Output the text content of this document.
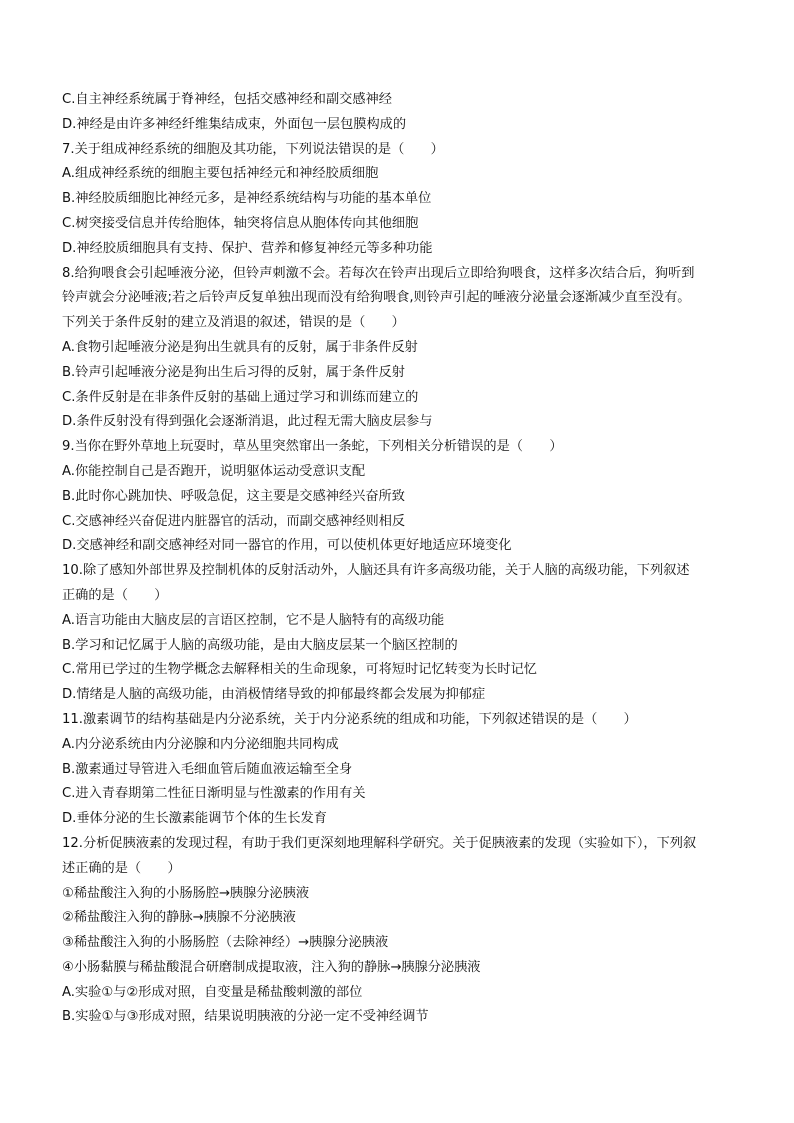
C.自主神经系统属于脊神经，包括交感神经和副交感神经
D.神经是由许多神经纤维集结成束，外面包一层包膜构成的
7.关于组成神经系统的细胞及其功能，下列说法错误的是（　　）
A.组成神经系统的细胞主要包括神经元和神经胶质细胞
B.神经胶质细胞比神经元多，是神经系统结构与功能的基本单位
C.树突接受信息并传给胞体，轴突将信息从胞体传向其他细胞
D.神经胶质细胞具有支持、保护、营养和修复神经元等多种功能
8.给狗喂食会引起唾液分泌，但铃声刺激不会。若每次在铃声出现后立即给狗喂食，这样多次结合后，狗听到
铃声就会分泌唾液;若之后铃声反复单独出现而没有给狗喂食,则铃声引起的唾液分泌量会逐渐减少直至没有。
下列关于条件反射的建立及消退的叙述，错误的是（　　）
A.食物引起唾液分泌是狗出生就具有的反射，属于非条件反射
B.铃声引起唾液分泌是狗出生后习得的反射，属于条件反射
C.条件反射是在非条件反射的基础上通过学习和训练而建立的
D.条件反射没有得到强化会逐渐消退，此过程无需大脑皮层参与
9.当你在野外草地上玩耍时，草丛里突然窜出一条蛇，下列相关分析错误的是（　　）
A.你能控制自己是否跑开，说明躯体运动受意识支配
B.此时你心跳加快、呼吸急促，这主要是交感神经兴奋所致
C.交感神经兴奋促进内脏器官的活动，而副交感神经则相反
D.交感神经和副交感神经对同一器官的作用，可以使机体更好地适应环境变化
10.除了感知外部世界及控制机体的反射活动外，人脑还具有许多高级功能，关于人脑的高级功能，下列叙述
正确的是（　　）
A.语言功能由大脑皮层的言语区控制，它不是人脑特有的高级功能
B.学习和记忆属于人脑的高级功能，是由大脑皮层某一个脑区控制的
C.常用已学过的生物学概念去解释相关的生命现象，可将短时记忆转变为长时记忆
D.情绪是人脑的高级功能，由消极情绪导致的抑郁最终都会发展为抑郁症
11.激素调节的结构基础是内分泌系统，关于内分泌系统的组成和功能，下列叙述错误的是（　　）
A.内分泌系统由内分泌腺和内分泌细胞共同构成
B.激素通过导管进入毛细血管后随血液运输至全身
C.进入青春期第二性征日渐明显与性激素的作用有关
D.垂体分泌的生长激素能调节个体的生长发育
12.分析促胰液素的发现过程，有助于我们更深刻地理解科学研究。关于促胰液素的发现（实验如下），下列叙
述正确的是（　　）
①稀盐酸注入狗的小肠肠腔→胰腺分泌胰液
②稀盐酸注入狗的静脉→胰腺不分泌胰液
③稀盐酸注入狗的小肠肠腔（去除神经）→胰腺分泌胰液
④小肠黏膜与稀盐酸混合研磨制成提取液，注入狗的静脉→胰腺分泌胰液
A.实验①与②形成对照，自变量是稀盐酸刺激的部位
B.实验①与③形成对照，结果说明胰液的分泌一定不受神经调节
